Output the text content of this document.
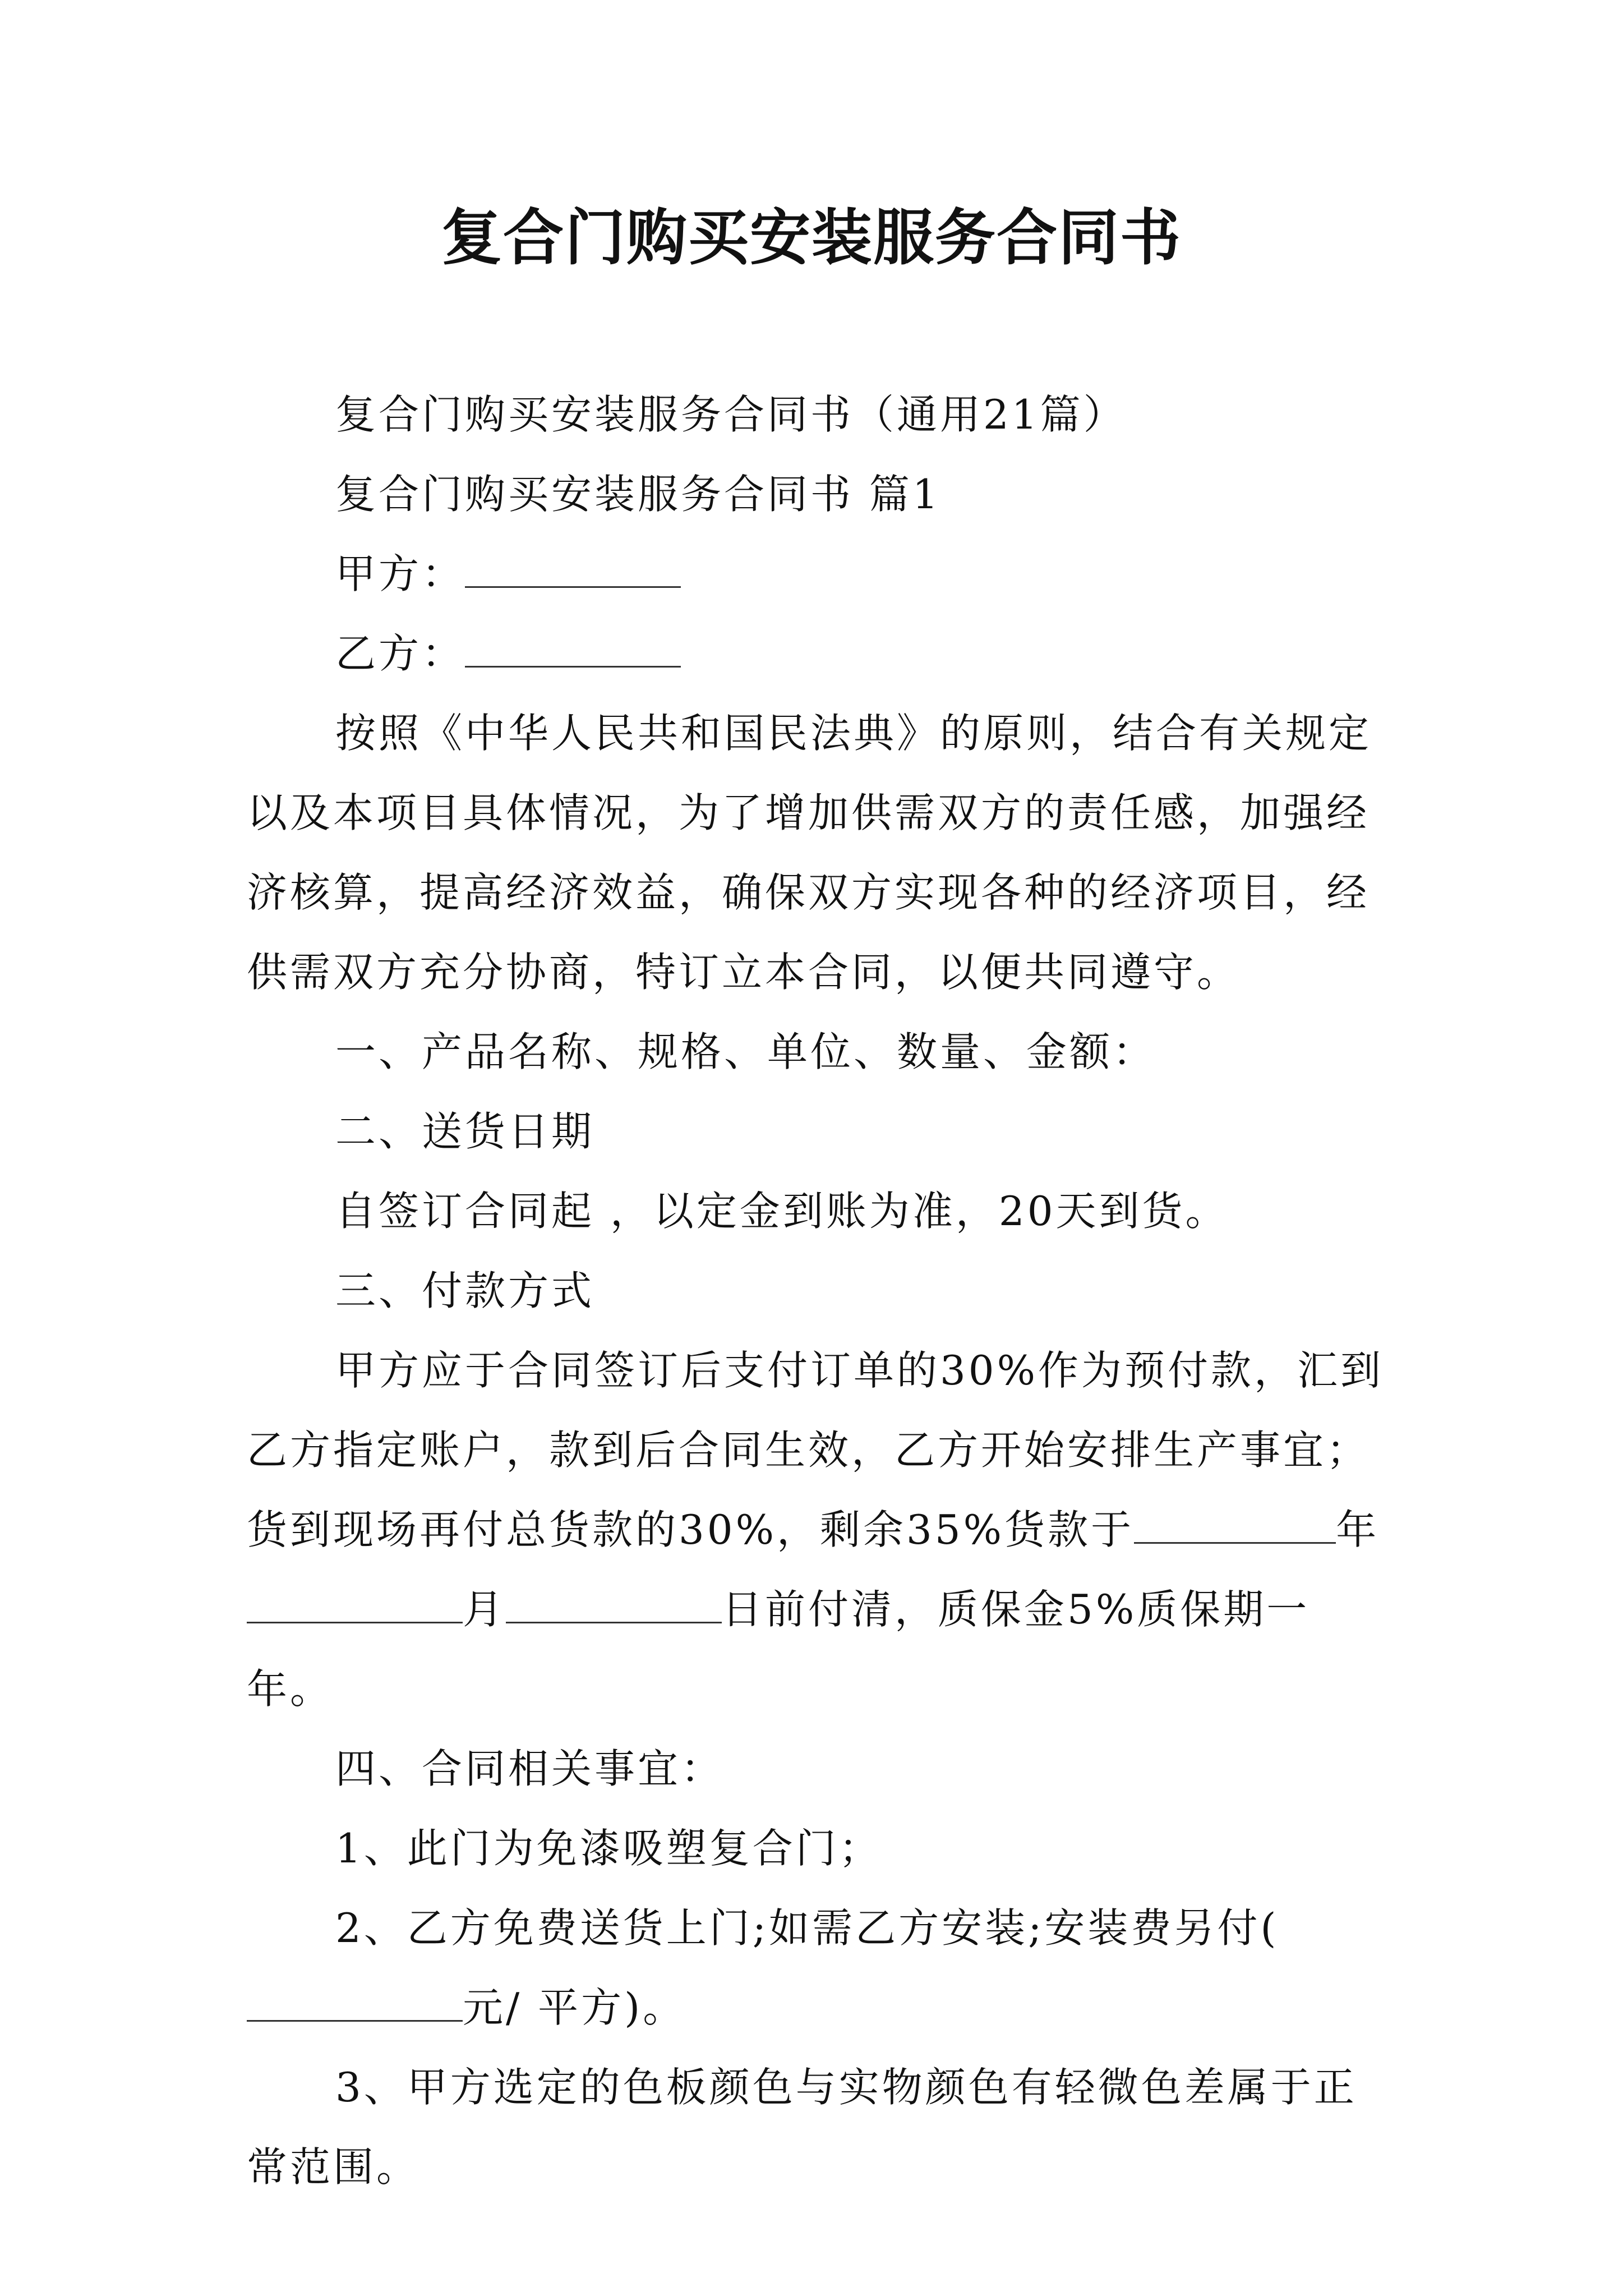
复合门购买安装服务合同书

复合门购买安装服务合同书（通用21篇）

复合门购买安装服务合同书 篇1

甲方：

乙方：

按照《中华人民共和国民法典》的原则，结合有关规定以及本项目具体情况，为了增加供需双方的责任感，加强经济核算，提高经济效益，确保双方实现各种的经济项目，经供需双方充分协商，特订立本合同，以便共同遵守。

一、产品名称、规格、单位、数量、金额：

二、送货日期

自签订合同起 ，以定金到账为准，20天到货。

三、付款方式

甲方应于合同签订后支付订单的30%作为预付款，汇到乙方指定账户，款到后合同生效，乙方开始安排生产事宜；货到现场再付总货款的30%，剩余35%货款于	年月	日前付清，质保金5%质保期一年。

四、合同相关事宜：

1、此门为免漆吸塑复合门；

2、乙方免费送货上门;如需乙方安装;安装费另付(元/ 平方)。

3、甲方选定的色板颜色与实物颜色有轻微色差属于正常范围。
